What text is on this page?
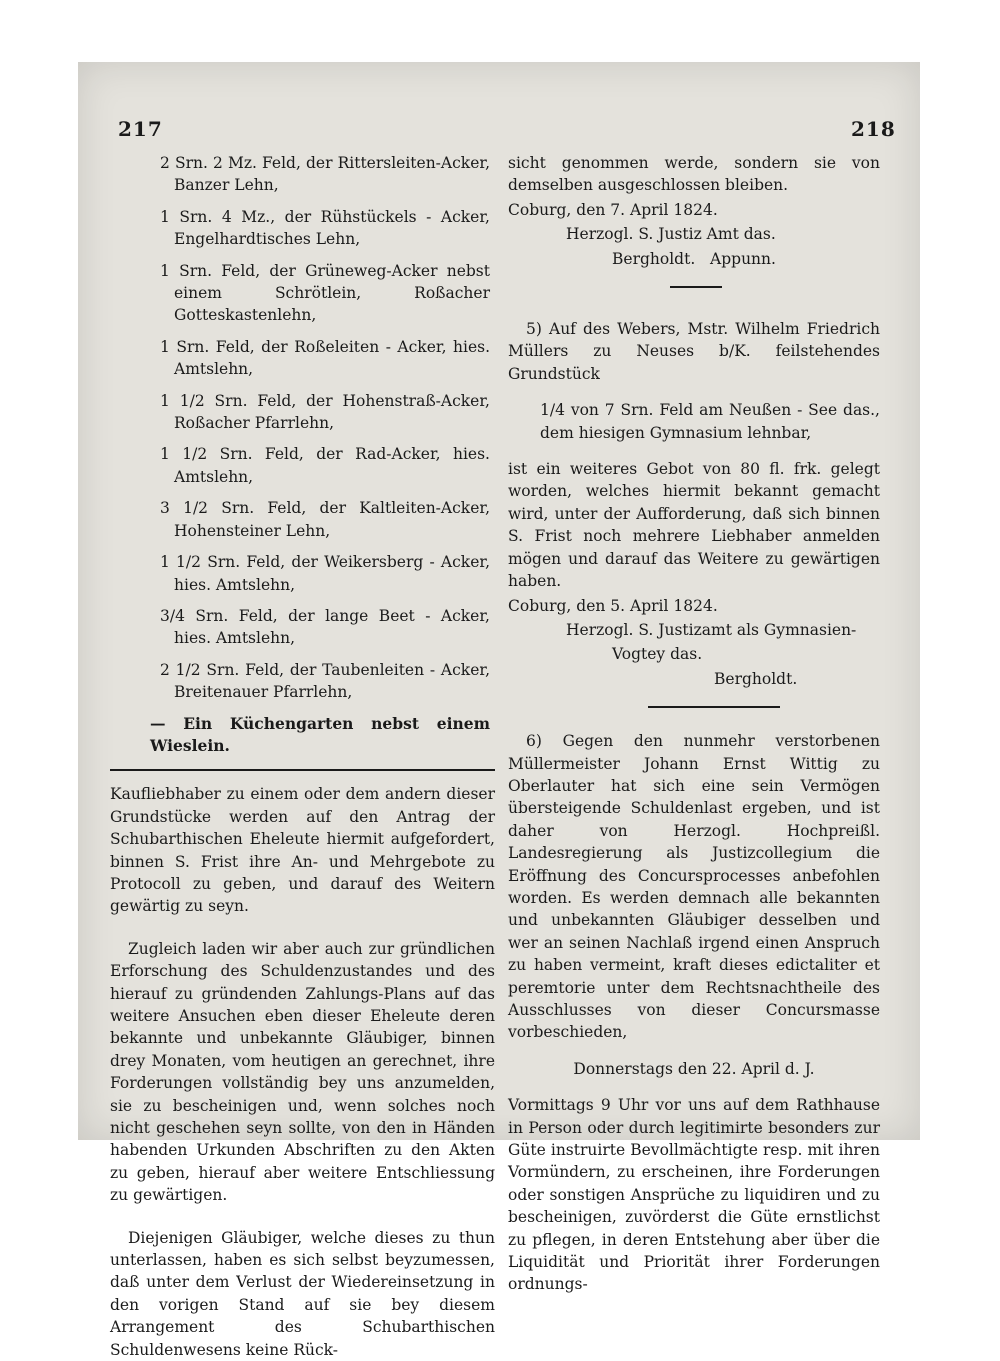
217	218

2 Srn. 2 Mz. Feld, der Ritterslеiten-Acker, Banzer Lehn,

1 Srn. 4 Mz., der Rühstückels - Acker, Engelhardtisches Lehn,

1 Srn. Feld, der Grüneweg-Acker nebst einem Schrötlein, Roßacher Gotteskastenlehn,

1 Srn. Feld, der Roßeleiten - Acker, hies. Amtslehn,

1 1/2 Srn. Feld, der Hohenstraß-Acker, Roßacher Pfarrlehn,

1 1/2 Srn. Feld, der Rad-Acker, hies. Amtslehn,

3 1/2 Srn. Feld, der Kaltleiten-Acker, Hohensteiner Lehn,

1 1/2 Srn. Feld, der Weikersberg - Acker, hies. Amtslehn,

3/4 Srn. Feld, der lange Beet - Acker, hies. Amtslehn,

2 1/2 Srn. Feld, der Taubenleiten - Acker, Breitenauer Pfarrlehn,

— Ein Küchengarten nebst einem Wieslein.

Kaufliebhaber zu einem oder dem andern dieser Grundstücke werden auf den Antrag der Schubarthischen Eheleute hiermit aufgefordert, binnen S. Frist ihre An- und Mehrgebote zu Protocoll zu geben, und darauf des Weitern gewärtig zu seyn.

Zugleich laden wir aber auch zur gründlichen Erforschung des Schuldenzustandes und des hierauf zu gründenden Zahlungs-Plans auf das weitere Ansuchen eben dieser Eheleute deren bekannte und unbekannte Gläubiger, binnen drey Monaten, vom heutigen an gerechnet, ihre Forderungen vollständig bey uns anzumelden, sie zu bescheinigen und, wenn solches noch nicht geschehen seyn sollte, von den in Händen habenden Urkunden Abschriften zu den Akten zu geben, hierauf aber weitere Entschliessung zu gewärtigen.

Diejenigen Gläubiger, welche dieses zu thun unterlassen, haben es sich selbst beyzumessen, daß unter dem Verlust der Wiedereinsetzung in den vorigen Stand auf sie bey diesem Arrangement des Schubarthischen Schuldenwesens keine Rück-

sicht genommen werde, sondern sie von demselben ausgeschlossen bleiben.

Coburg, den 7. April 1824.

Herzogl. S. Justiz Amt das.

Bergholdt. Appunn.

5) Auf des Webers, Mstr. Wilhelm Friedrich Müllers zu Neuses b/K. feilstehendes Grundstück

1/4 von 7 Srn. Feld am Neußen - See das., dem hiesigen Gymnasium lehnbar,

ist ein weiteres Gebot von 80 fl. frk. gelegt worden, welches hiermit bekannt gemacht wird, unter der Aufforderung, daß sich binnen S. Frist noch mehrere Liebhaber anmelden mögen und darauf das Weitere zu gewärtigen haben.

Coburg, den 5. April 1824.

Herzogl. S. Justizamt als Gymnasien-

Vogtey das.

Bergholdt.

6) Gegen den nunmehr verstorbenen Müllermeister Johann Ernst Wittig zu Oberlauter hat sich eine sein Vermögen übersteigende Schuldenlast ergeben, und ist daher von Herzogl. Hochpreißl. Landesregierung als Justizcollegium die Eröffnung des Concursprocesses anbefohlen worden. Es werden demnach alle bekannten und unbekannten Gläubiger desselben und wer an seinen Nachlaß irgend einen Anspruch zu haben vermeint, kraft dieses edictaliter et peremtorie unter dem Rechtsnachtheile des Ausschlusses von dieser Concursmasse vorbeschieden,

Donnerstags den 22. April d. J.

Vormittags 9 Uhr vor uns auf dem Rathhause in Person oder durch legitimirte besonders zur Güte instruirte Bevollmächtigte resp. mit ihren Vormündern, zu erscheinen, ihre Forderungen oder sonstigen Ansprüche zu liquidiren und zu bescheinigen, zuvörderst die Güte ernstlichst zu pflegen, in deren Entstehung aber über die Liquidität und Priorität ihrer Forderungen ordnungs-
